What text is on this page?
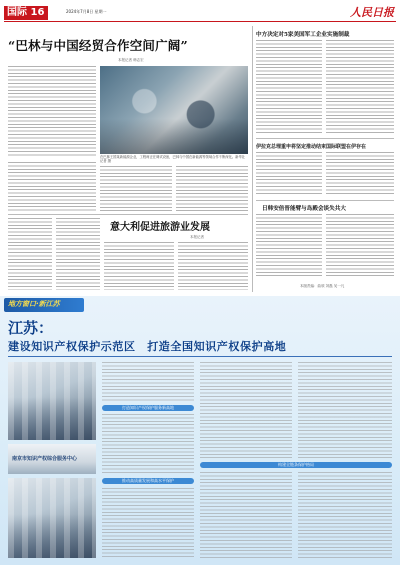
国际 16	2024年7月8日 星期一	人民日报
“巴林与中国经贸合作空间广阔”
本报记者 韩志宏
在巴林王国某新能源企业，工程师正在调试设备，巴林与中国在新能源等领域合作不断深化。新华社记者 摄
中方决定对5家美国军工企业实施制裁
伊拉克总理重申将坚定推动结束国际联盟在伊存在
日韩安倍晋能臂与岛殿会谈失共大
本版责编：曲颂 刘磊 吴一凡
意大利促进旅游业发展
本报记者
地方窗口·新江苏
江苏：
建设知识产权保护示范区　打造全国知识产权保护高地
南京市知识产权综合服务中心
打造知识产权保护服务新高地
推动高质量发展和高水平保护
构建全链条保护格局
